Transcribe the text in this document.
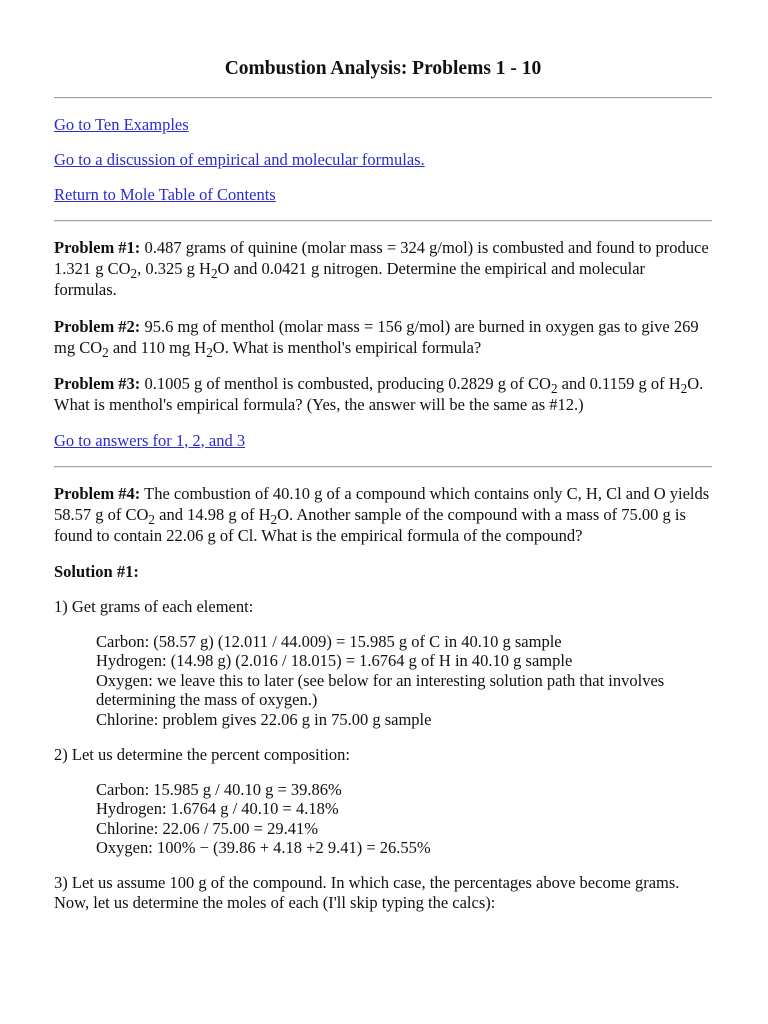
Combustion Analysis: Problems 1 - 10

Go to Ten Examples

Go to a discussion of empirical and molecular formulas.

Return to Mole Table of Contents

Problem #1: 0.487 grams of quinine (molar mass = 324 g/mol) is combusted and found to produce
1.321 g $CO_2$, 0.325 g $H_2O$ and 0.0421 g nitrogen. Determine the empirical and molecular
formulas.

Problem #2: 95.6 mg of menthol (molar mass = 156 g/mol) are burned in oxygen gas to give 269
mg $CO_2$ and 110 mg $H_2O$. What is menthol's empirical formula?

Problem #3: 0.1005 g of menthol is combusted, producing 0.2829 g of $CO_2$ and 0.1159 g of $H_2O$.
What is menthol's empirical formula? (Yes, the answer will be the same as #12.)

Go to answers for 1, 2, and 3

Problem #4: The combustion of 40.10 g of a compound which contains only C, H, Cl and O yields
58.57 g of $CO_2$ and 14.98 g of $H_2O$. Another sample of the compound with a mass of 75.00 g is
found to contain 22.06 g of Cl. What is the empirical formula of the compound?

Solution #1:

1) Get grams of each element:

Carbon: (58.57 g) (12.011 / 44.009) = 15.985 g of C in 40.10 g sample
Hydrogen: (14.98 g) (2.016 / 18.015) = 1.6764 g of H in 40.10 g sample
Oxygen: we leave this to later (see below for an interesting solution path that involves
determining the mass of oxygen.)
Chlorine: problem gives 22.06 g in 75.00 g sample

2) Let us determine the percent composition:

Carbon: 15.985 g / 40.10 g = 39.86%
Hydrogen: 1.6764 g / 40.10 = 4.18%
Chlorine: 22.06 / 75.00 = 29.41%
Oxygen: 100% − (39.86 + 4.18 +2 9.41) = 26.55%

3) Let us assume 100 g of the compound. In which case, the percentages above become grams.
Now, let us determine the moles of each (I'll skip typing the calcs):
